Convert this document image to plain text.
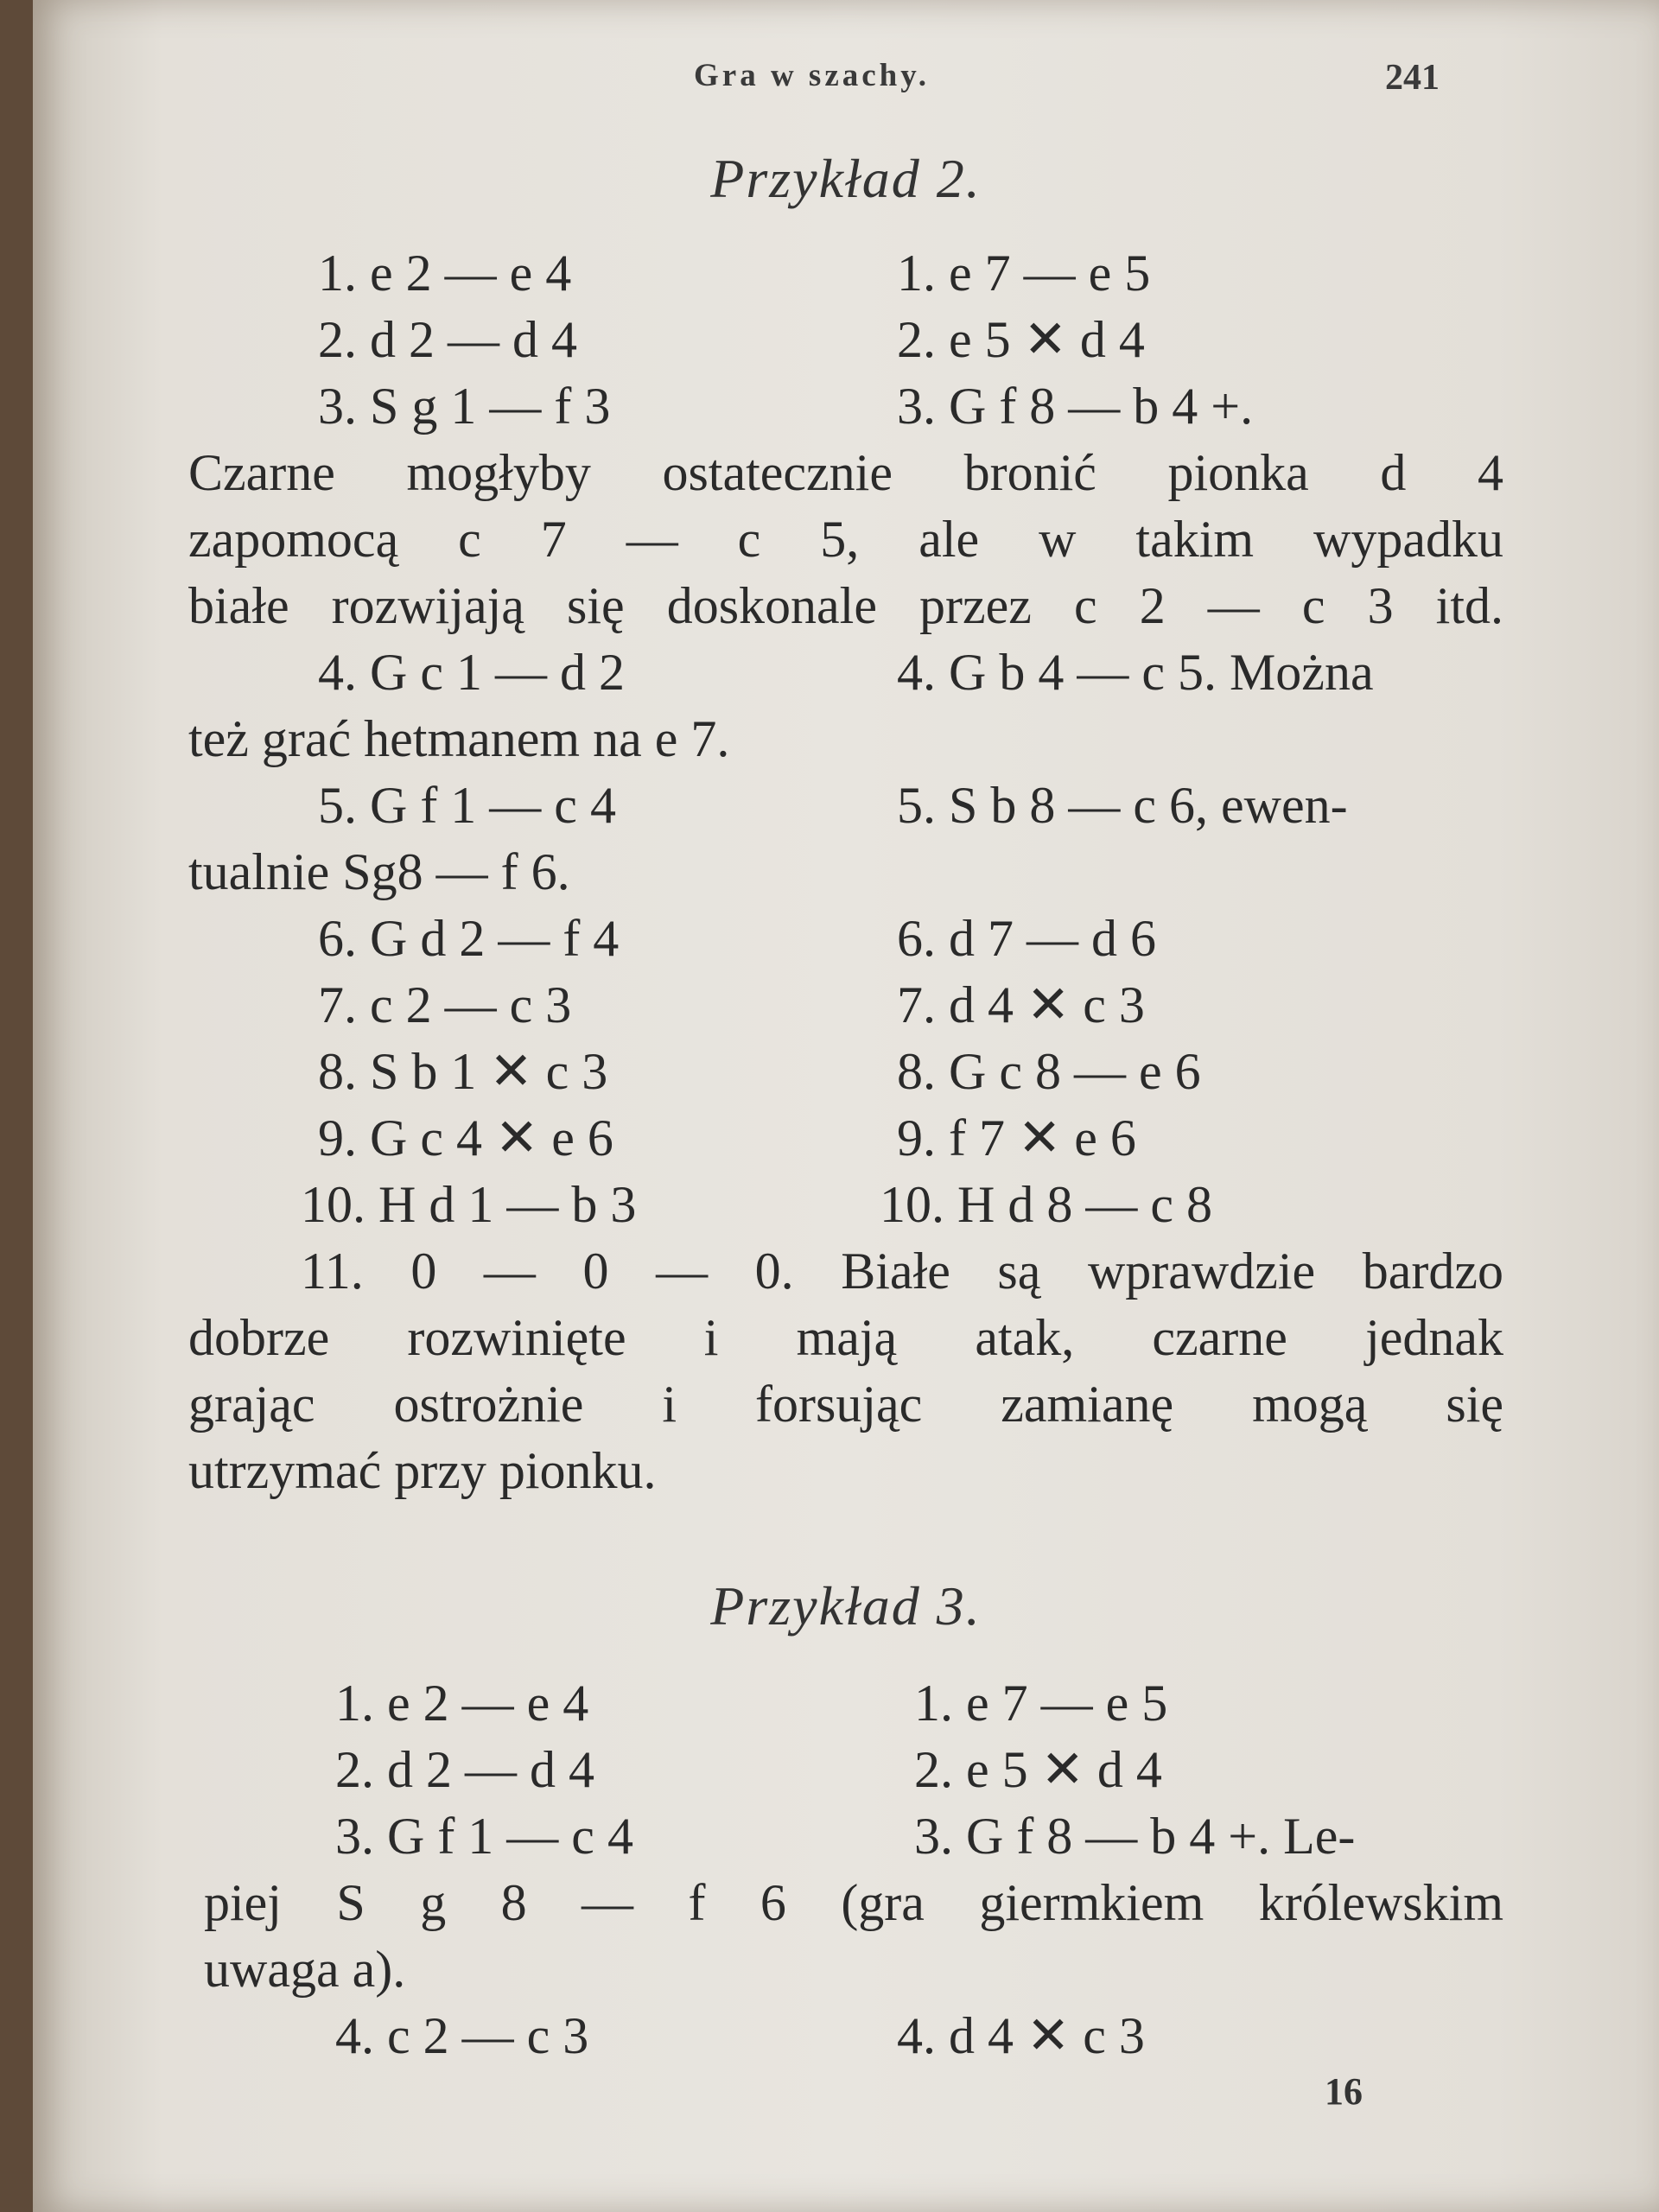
Gra w szachy.	241
Przykład 2.
1. e 2 — e 4	1. e 7 — e 5
2. d 2 — d 4	2. e 5 ✕ d 4
3. S g 1 — f 3	3. G f 8 — b 4 +.
Czarne mogłyby ostatecznie bronić pionka d 4
zapomocą c 7 — c 5, ale w takim wypadku
białe rozwijają się doskonale przez c 2 — c 3 itd.
4. G c 1 — d 2	4. G b 4 — c 5. Można
też grać hetmanem na e 7.
5. G f 1 — c 4	5. S b 8 — c 6, ewen-
tualnie Sg8 — f 6.
6. G d 2 — f 4	6. d 7 — d 6
7. c 2 — c 3	7. d 4 ✕ c 3
8. S b 1 ✕ c 3	8. G c 8 — e 6
9. G c 4 ✕ e 6	9. f 7 ✕ e 6
10. H d 1 — b 3	10. H d 8 — c 8
11. 0 — 0 — 0. Białe są wprawdzie bardzo
dobrze rozwinięte i mają atak, czarne jednak
grając ostrożnie i forsując zamianę mogą się
utrzymać przy pionku.
Przykład 3.
1. e 2 — e 4	1. e 7 — e 5
2. d 2 — d 4	2. e 5 ✕ d 4
3. G f 1 — c 4	3. G f 8 — b 4 +. Le-
piej S g 8 — f 6 (gra giermkiem królewskim
uwaga a).
4. c 2 — c 3	4. d 4 ✕ c 3
16
